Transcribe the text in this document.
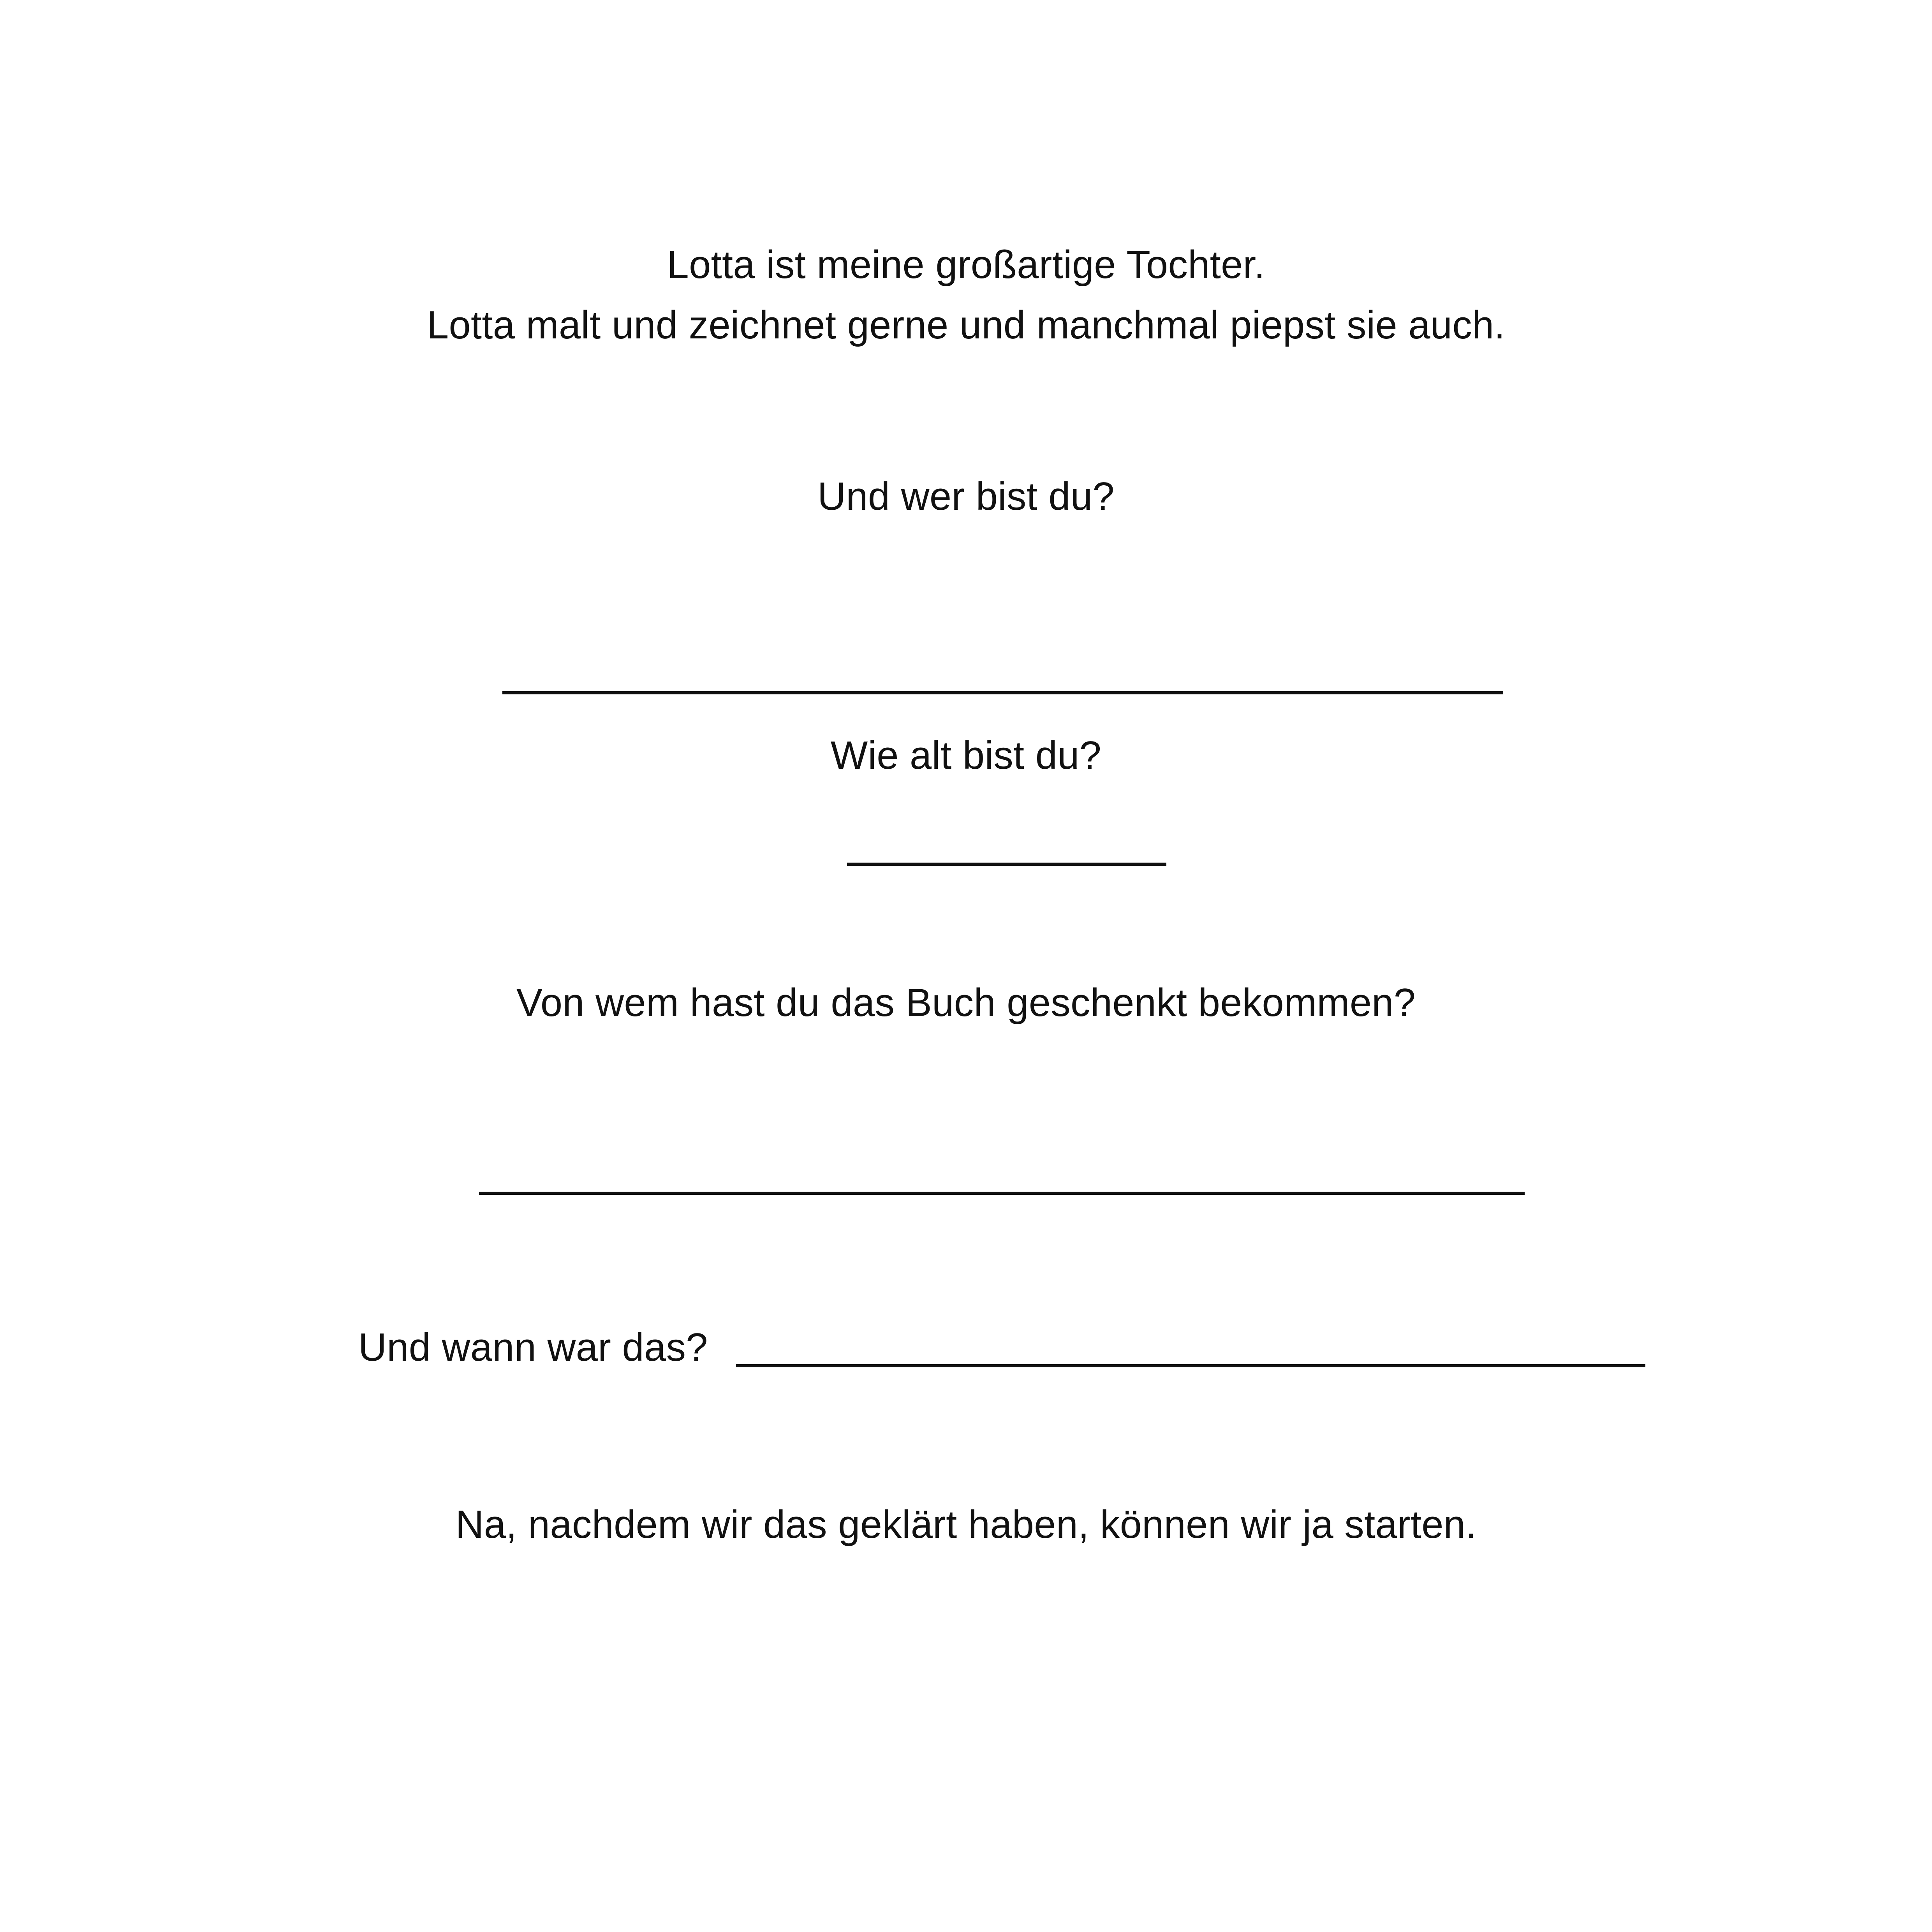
Lotta ist meine großartige Tochter.
Lotta malt und zeichnet gerne und manchmal piepst sie auch.
Und wer bist du?
Wie alt bist du?
Von wem hast du das Buch geschenkt bekommen?
Und wann war das?
Na, nachdem wir das geklärt haben, können wir ja starten.
